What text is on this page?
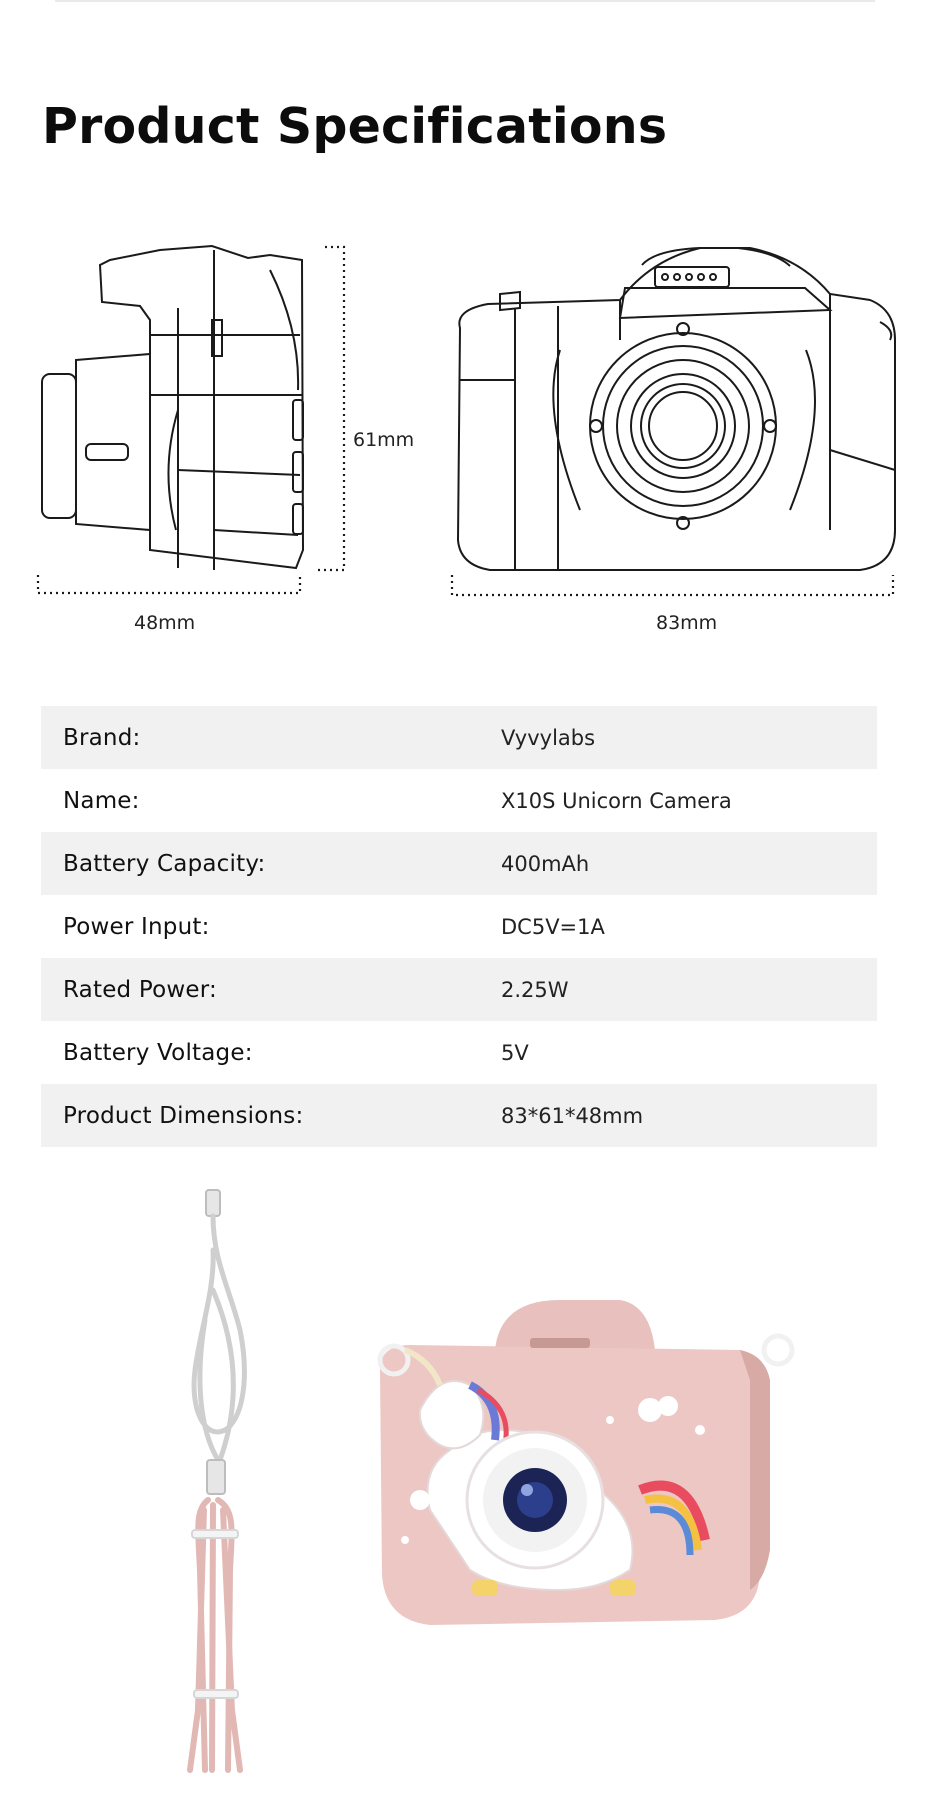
Product Specifications
61mm
48mm	83mm
Brand:	Vyvylabs
Name:	X10S Unicorn Camera
Battery Capacity:	400mAh
Power Input:	DC5V=1A
Rated Power:	2.25W
Battery Voltage:	5V
Product Dimensions:	83*61*48mm
